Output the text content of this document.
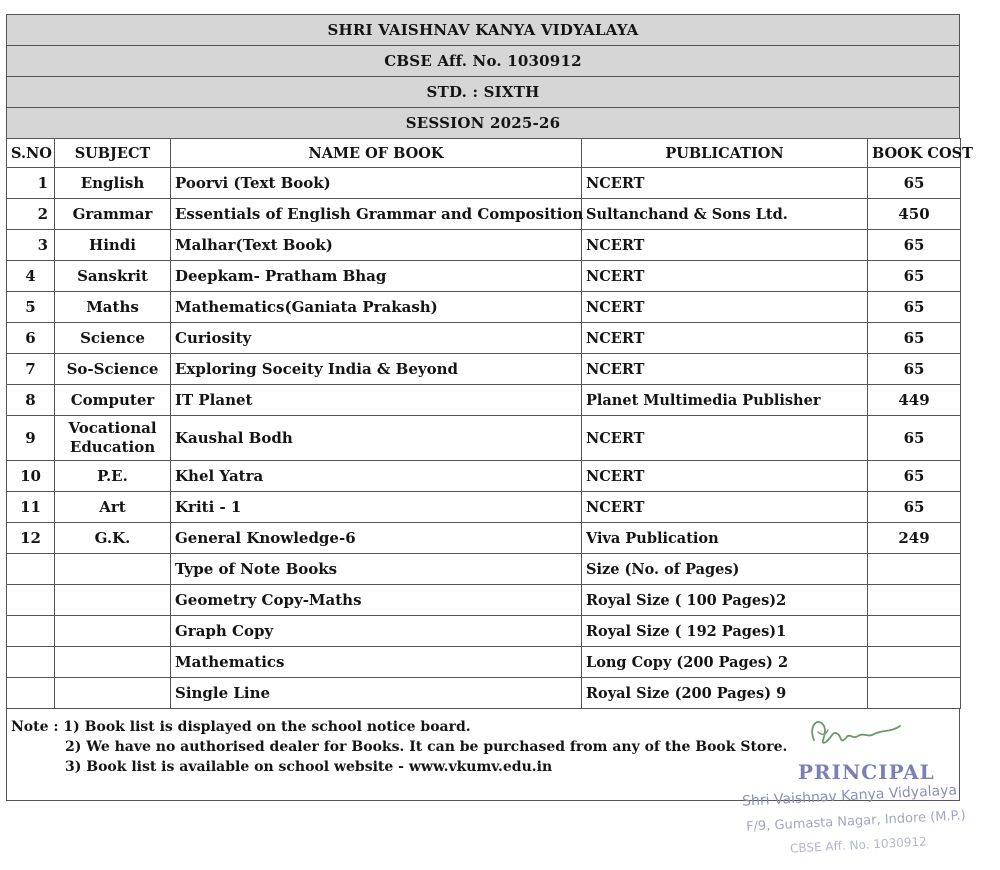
SHRI VAISHNAV KANYA VIDYALAYA
CBSE Aff. No. 1030912
STD. : SIXTH
SESSION 2025-26
S.NO	SUBJECT	NAME OF BOOK	PUBLICATION	BOOK COST
1	English	Poorvi (Text Book)	NCERT	65
2	Grammar	Essentials of English Grammar and Composition	Sultanchand & Sons Ltd.	450
3	Hindi	Malhar(Text Book)	NCERT	65
4	Sanskrit	Deepkam- Pratham Bhag	NCERT	65
5	Maths	Mathematics(Ganiata Prakash)	NCERT	65
6	Science	Curiosity	NCERT	65
7	So-Science	Exploring Soceity India & Beyond	NCERT	65
8	Computer	IT Planet	Planet Multimedia Publisher	449
9	Vocational Education	Kaushal Bodh	NCERT	65
10	P.E.	Khel Yatra	NCERT	65
11	Art	Kriti - 1	NCERT	65
12	G.K.	General Knowledge-6	Viva Publication	249
		Type of Note Books	Size (No. of Pages)	
		Geometry Copy-Maths	Royal Size ( 100 Pages)2	
		Graph Copy	Royal Size ( 192 Pages)1	
		Mathematics	Long Copy (200 Pages) 2	
		Single Line	Royal Size (200 Pages) 9	
Note : 1) Book list is displayed on the school notice board.
2) We have no authorised dealer for Books. It can be purchased from any of the Book Store.
3) Book list is available on school website - www.vkumv.edu.in	PRINCIPAL
Shri Vaishnav Kanya Vidyalaya
F/9, Gumasta Nagar, Indore (M.P.)
CBSE Aff. No. 1030912
